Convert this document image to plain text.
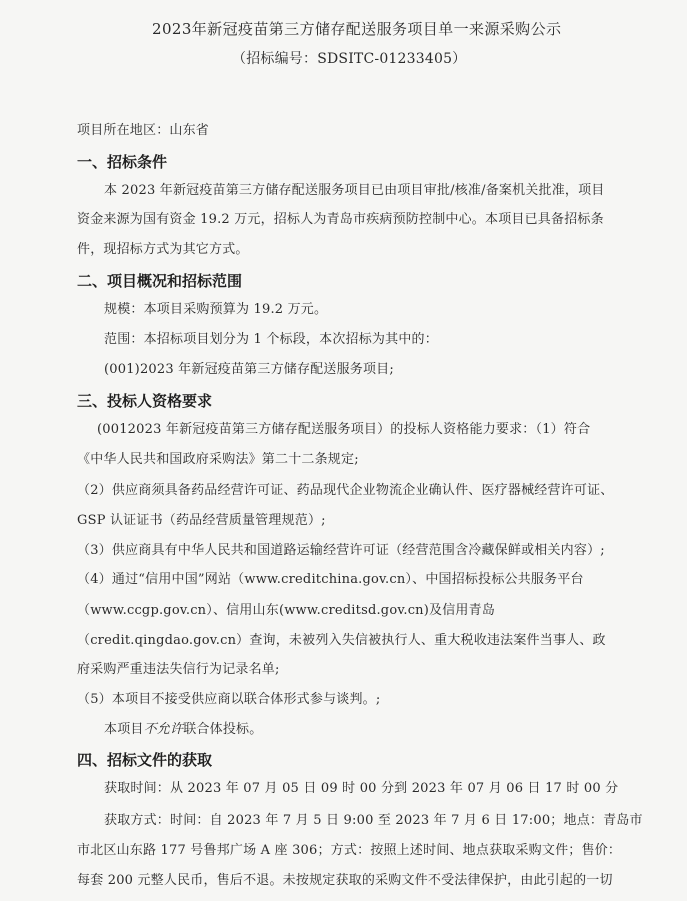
2023年新冠疫苗第三方储存配送服务项目单一来源采购公示
（招标编号：SDSITC-01233405）
项目所在地区：山东省
一、招标条件
本 2023 年新冠疫苗第三方储存配送服务项目已由项目审批/核准/备案机关批准，项目
资金来源为国有资金 19.2 万元，招标人为青岛市疾病预防控制中心。本项目已具备招标条
件，现招标方式为其它方式。
二、项目概况和招标范围
规模：本项目采购预算为 19.2 万元。
范围：本招标项目划分为 1 个标段，本次招标为其中的：
(001)2023 年新冠疫苗第三方储存配送服务项目;
三、投标人资格要求
(0012023 年新冠疫苗第三方储存配送服务项目）的投标人资格能力要求：（1）符合
《中华人民共和国政府采购法》第二十二条规定;
（2）供应商须具备药品经营许可证、药品现代企业物流企业确认件、医疗器械经营许可证、
GSP 认证证书（药品经营质量管理规范）;
（3）供应商具有中华人民共和国道路运输经营许可证（经营范围含冷藏保鲜或相关内容）;
（4）通过“信用中国”网站（www.creditchina.gov.cn）、中国招标投标公共服务平台
（www.ccgp.gov.cn）、信用山东(www.creditsd.gov.cn)及信用青岛
（credit.qingdao.gov.cn）查询，未被列入失信被执行人、重大税收违法案件当事人、政
府采购严重违法失信行为记录名单;
（5）本项目不接受供应商以联合体形式参与谈判。;
本项目不允许联合体投标。
四、招标文件的获取
获取时间：从 2023 年 07 月 05 日 09 时 00 分到 2023 年 07 月 06 日 17 时 00 分
获取方式：时间：自 2023 年 7 月 5 日 9:00 至 2023 年 7 月 6 日 17:00；地点：青岛市
市北区山东路 177 号鲁邦广场 A 座 306；方式：按照上述时间、地点获取采购文件；售价：
每套 200 元整人民币，售后不退。未按规定获取的采购文件不受法律保护，由此引起的一切
